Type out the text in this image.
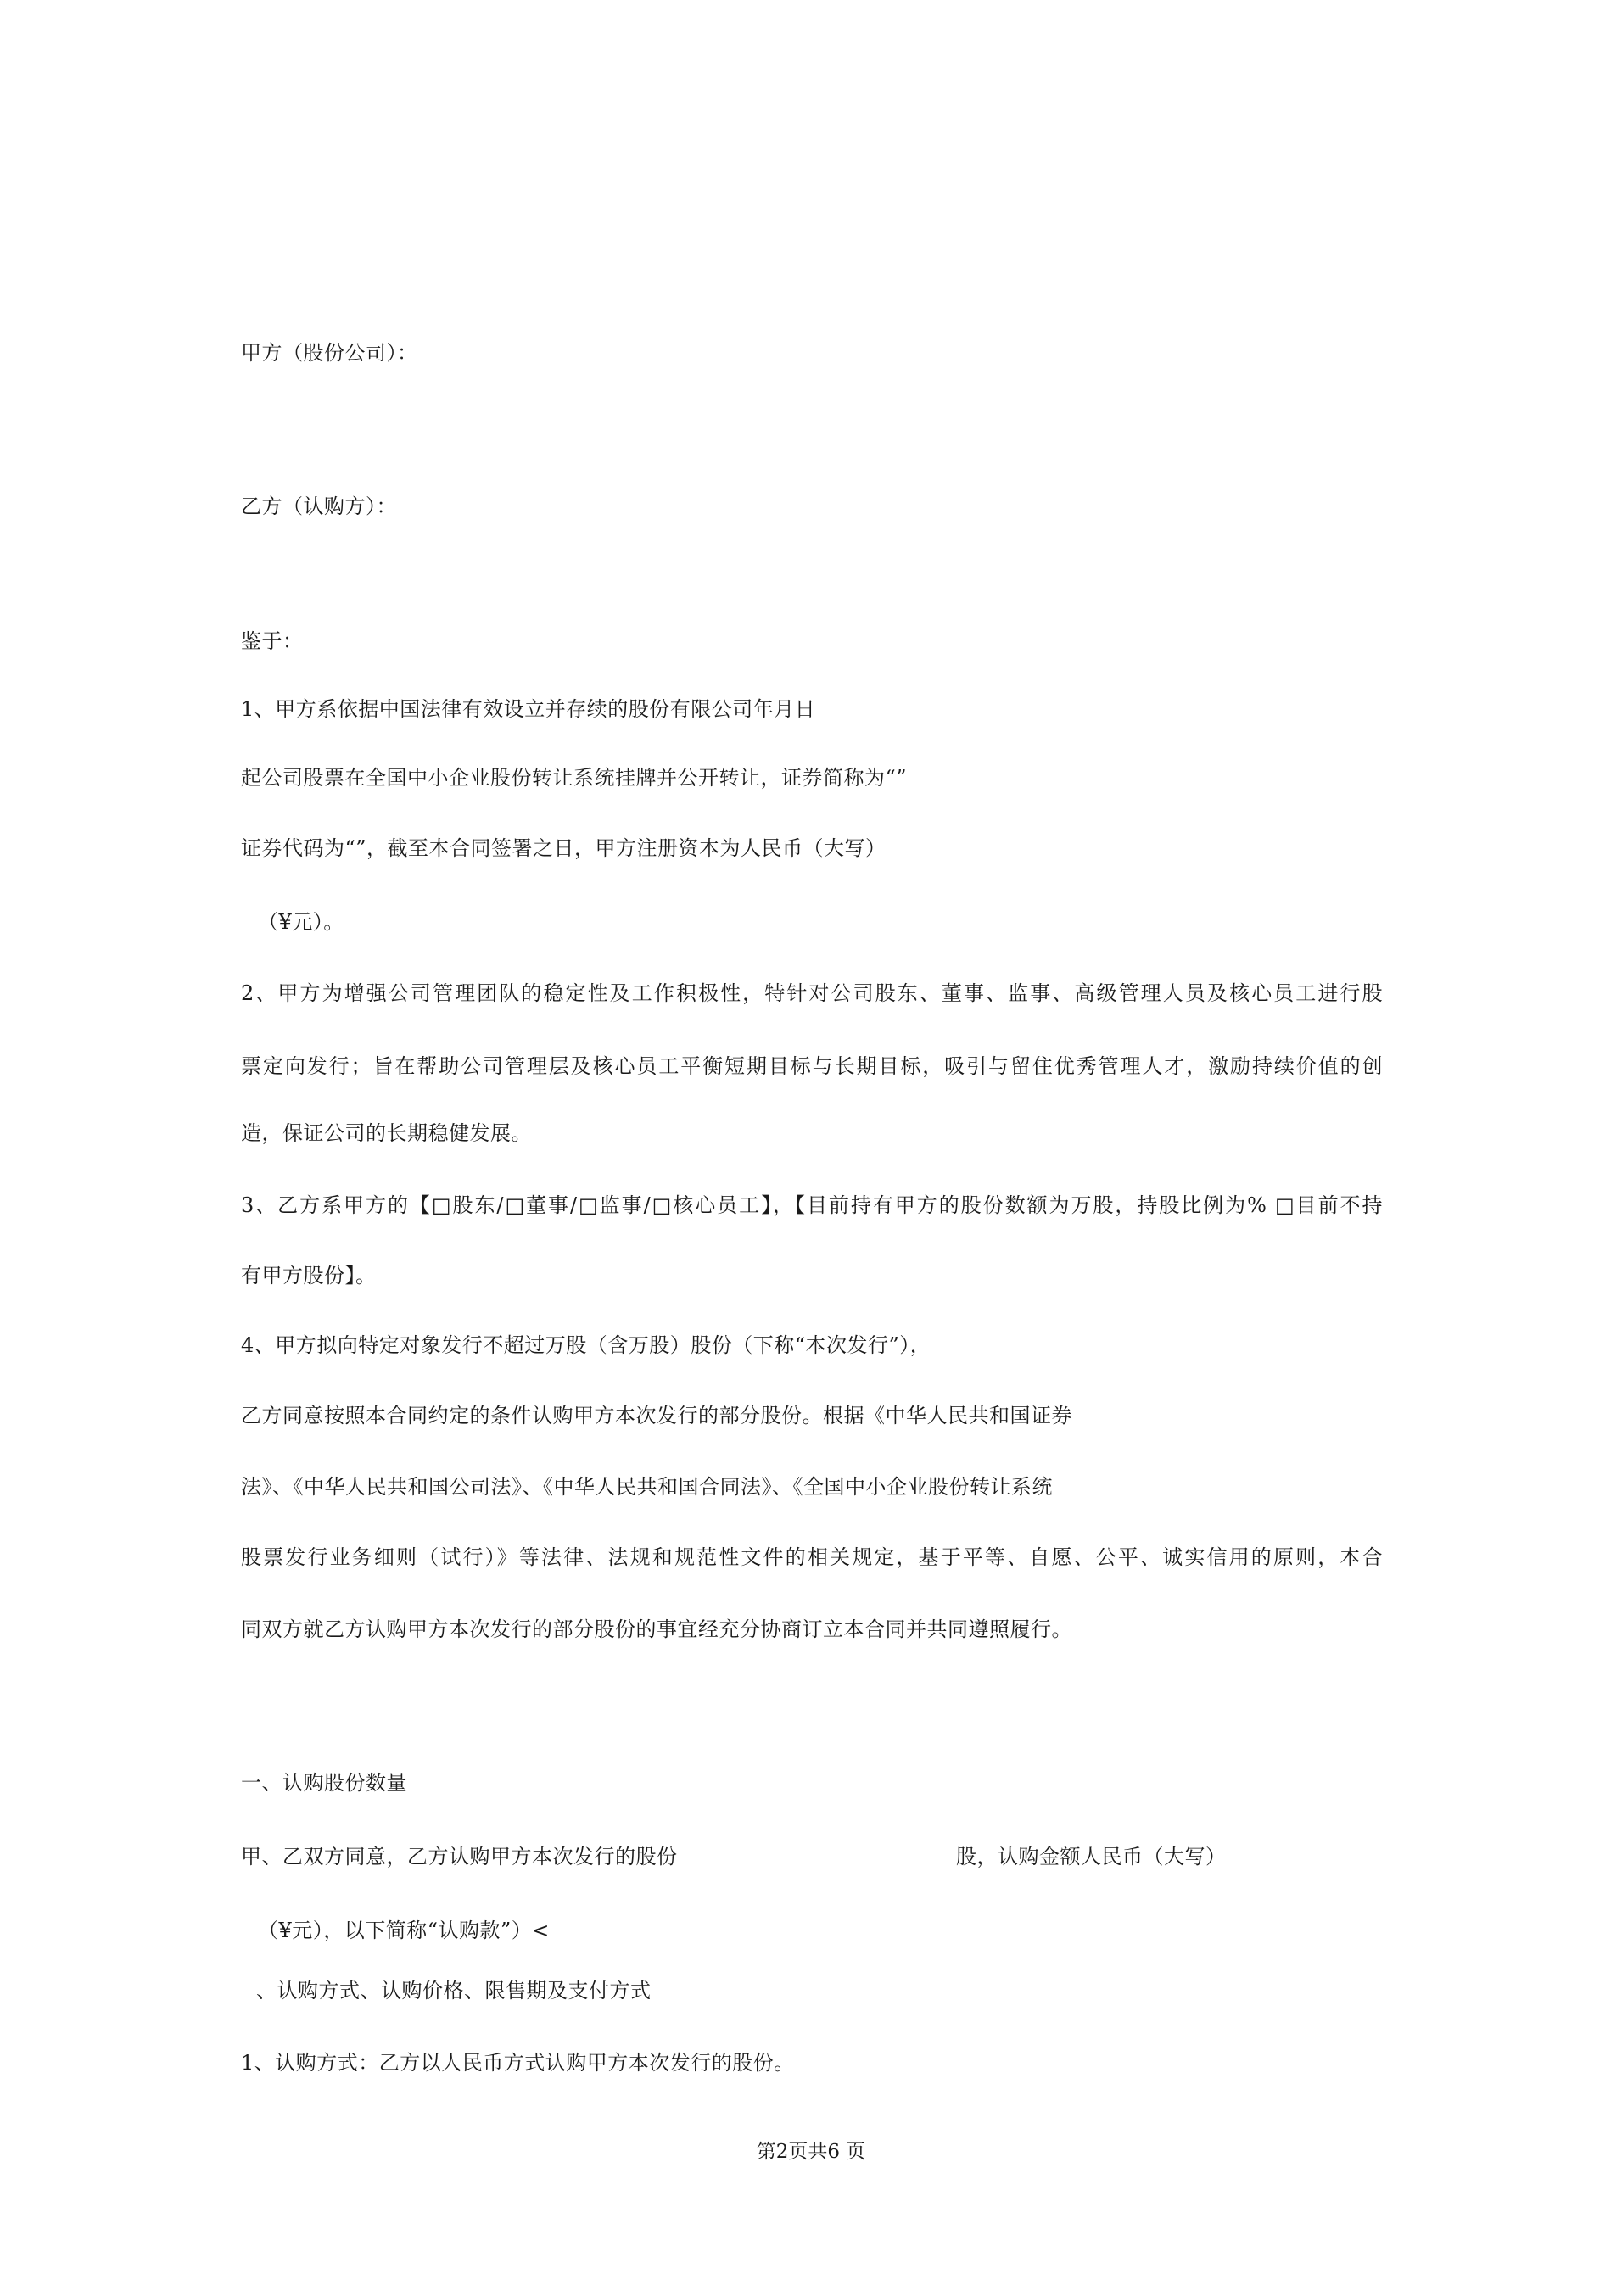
甲方（股份公司）：
乙方（认购方）：
鉴于：
1、甲方系依据中国法律有效设立并存续的股份有限公司年月日
起公司股票在全国中小企业股份转让系统挂牌并公开转让，证券简称为“”
证券代码为“”，截至本合同签署之日，甲方注册资本为人民币（大写）
（¥元）。
2、甲方为增强公司管理团队的稳定性及工作积极性，特针对公司股东、董事、监事、高级管理人员及核心员工进行股
票定向发行；旨在帮助公司管理层及核心员工平衡短期目标与长期目标，吸引与留住优秀管理人才，激励持续价值的创
造，保证公司的长期稳健发展。
3、乙方系甲方的【□股东/□董事/□监事/□核心员工】，【目前持有甲方的股份数额为万股，持股比例为% □目前不持
有甲方股份】。
4、甲方拟向特定对象发行不超过万股（含万股）股份（下称“本次发行”），
乙方同意按照本合同约定的条件认购甲方本次发行的部分股份。根据《中华人民共和国证券
法》、《中华人民共和国公司法》、《中华人民共和国合同法》、《全国中小企业股份转让系统
股票发行业务细则（试行）》等法律、法规和规范性文件的相关规定，基于平等、自愿、公平、诚实信用的原则，本合
同双方就乙方认购甲方本次发行的部分股份的事宜经充分协商订立本合同并共同遵照履行。
一、认购股份数量
甲、乙双方同意，乙方认购甲方本次发行的股份	股，认购金额人民币（大写）
（¥元），以下简称“认购款”）<
、认购方式、认购价格、限售期及支付方式
1、认购方式：乙方以人民币方式认购甲方本次发行的股份。
第2页共6 页
